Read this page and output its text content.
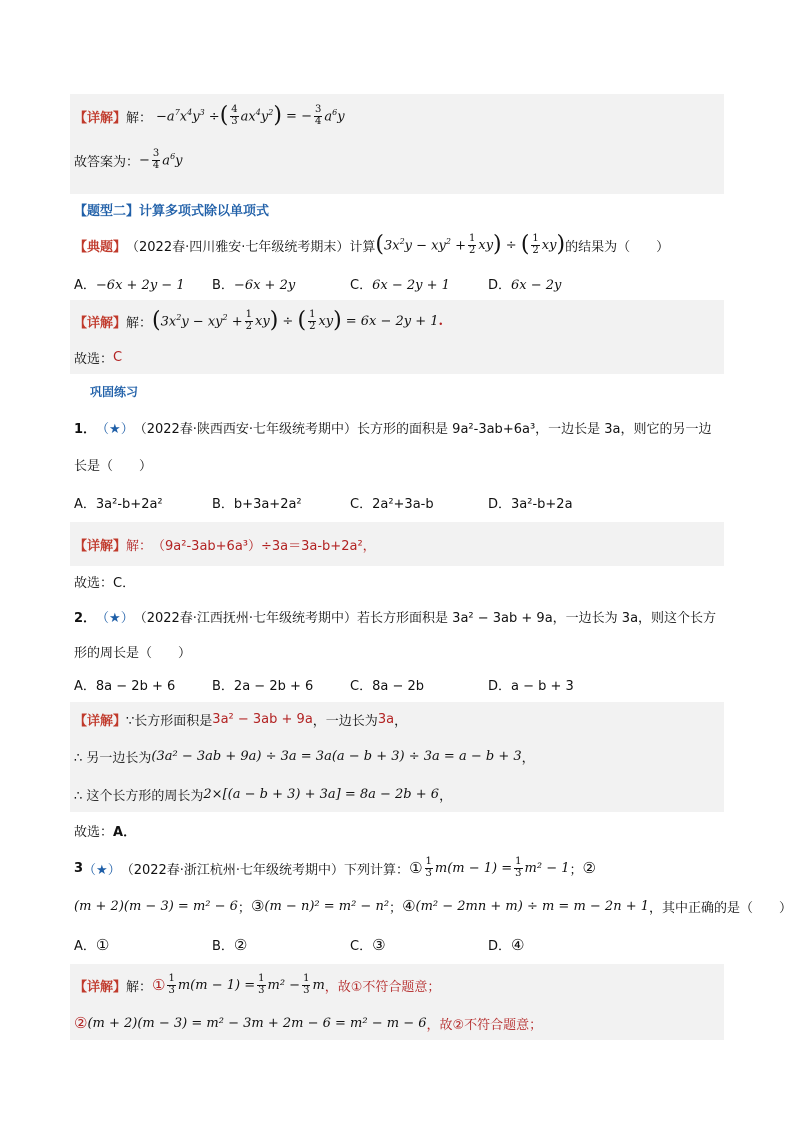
【详解】 解： $-a^7x^4y^3$ ÷ ( $\frac{4}{3} ax^4y^2$ ) = − $\frac{3}{4} a^6y$
故答案为： − $\frac{3}{4} a^6y$
【题型二】计算多项式除以单项式
【典题】 （2022春·四川雅安·七年级统考期末）计算 ( $3x^2y - xy^2 + \frac{1}{2}$ xy ) ÷ ( $\frac{1}{2}$ xy ) 的结果为（　　）
A．−6x + 2y − 1	B．−6x + 2y	C．6x − 2y + 1	D．6x − 2y
【详解】 解： ( $3x^2y - xy^2 + \frac{1}{2}$ xy ) ÷ ( $\frac{1}{2}$ xy ) = 6x − 2y + 1 .
故选： C
巩固练习
1． （★） （2022春·陕西西安·七年级统考期中）长方形的面积是 9a²-3ab+6a³，一边长是 3a，则它的另一边
长是（　　）
A．3a²-b+2a²	B．b+3a+2a²	C．2a²+3a-b	D．3a²-b+2a
【详解】 解： （9a²-3ab+6a³）÷3a＝3a-b+2a²，
故选： C．
2． （★） （2022春·江西抚州·七年级统考期中）若长方形面积是 3a² − 3ab + 9a，一边长为 3a，则这个长方
形的周长是（　　）
A．8a − 2b + 6	B．2a − 2b + 6	C．8a − 2b	D．a − b + 3
【详解】 ∵长方形面积是 3a² − 3ab + 9a ，一边长为 3a ，
∴ 另一边长为 (3a² − 3ab + 9a) ÷ 3a = 3a(a − b + 3) ÷ 3a = a − b + 3 ，
∴ 这个长方形的周长为 2×[(a − b + 3) + 3a] = 8a − 2b + 6 ，
故选： A．
3 （★） （2022春·浙江杭州·七年级统考期中）下列计算： ① $\frac{1}{3} m(m - 1) = \frac{1}{3} m^2 - 1$ ； ②
(m + 2)(m − 3) = m² − 6 ； ③ (m − n)² = m² − n² ； ④ (m² − 2mn + m) ÷ m = m − 2n + 1 ，其中正确的是（　　）
A．①	B．②	C．③	D．④
【详解】 解： ① $\frac{1}{3} m(m - 1) = \frac{1}{3} m^2 - \frac{1}{3}$ m ，故①不符合题意；
② (m + 2)(m − 3) = m² − 3m + 2m − 6 = m² − m − 6 ，故②不符合题意；
